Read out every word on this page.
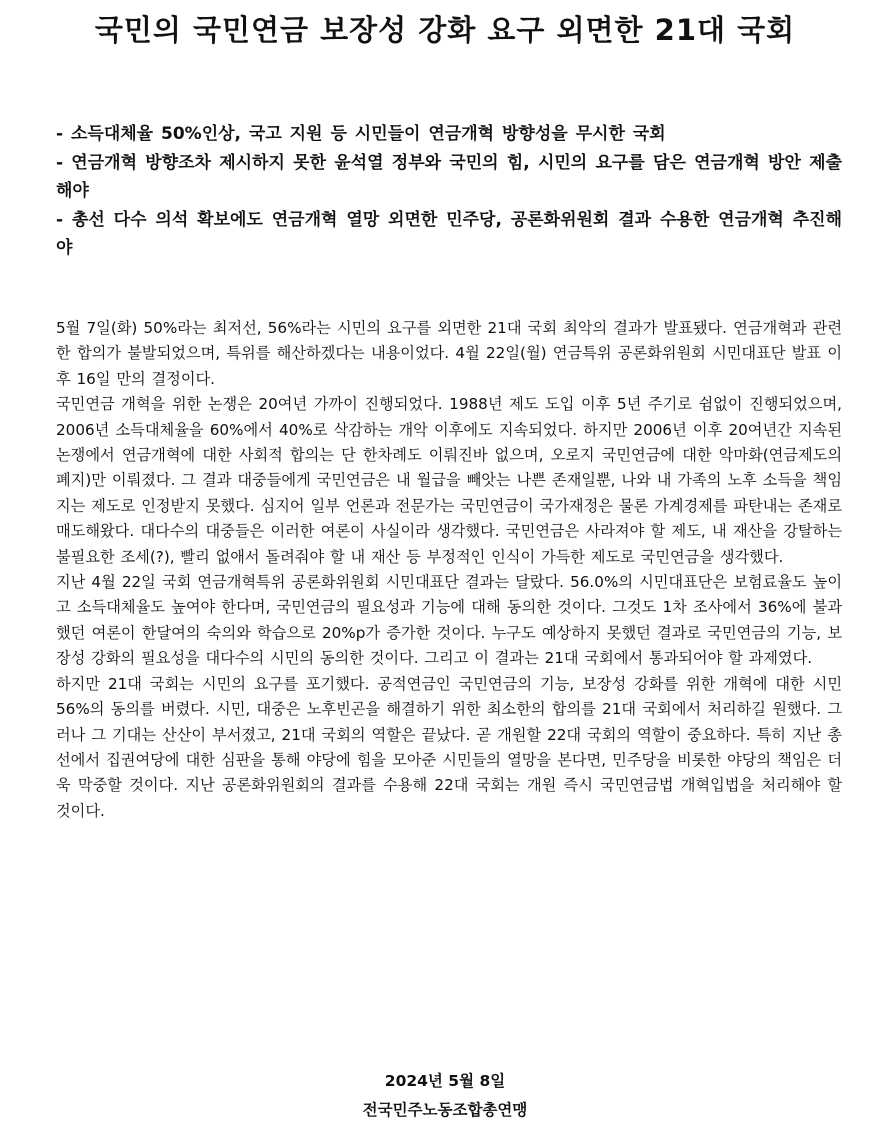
국민의 국민연금 보장성 강화 요구 외면한 21대 국회

- 소득대체율 50%인상, 국고 지원 등 시민들이 연금개혁 방향성을 무시한 국회

- 연금개혁 방향조차 제시하지 못한 윤석열 정부와 국민의 힘, 시민의 요구를 담은 연금개혁 방안 제출해야

- 총선 다수 의석 확보에도 연금개혁 열망 외면한 민주당, 공론화위원회 결과 수용한 연금개혁 추진해야

5월 7일(화) 50%라는 최저선, 56%라는 시민의 요구를 외면한 21대 국회 최악의 결과가 발표됐다. 연금개혁과 관련한 합의가 불발되었으며, 특위를 해산하겠다는 내용이었다. 4월 22일(월) 연금특위 공론화위원회 시민대표단 발표 이후 16일 만의 결정이다.

국민연금 개혁을 위한 논쟁은 20여년 가까이 진행되었다. 1988년 제도 도입 이후 5년 주기로 쉼없이 진행되었으며, 2006년 소득대체율을 60%에서 40%로 삭감하는 개악 이후에도 지속되었다. 하지만 2006년 이후 20여년간 지속된 논쟁에서 연금개혁에 대한 사회적 합의는 단 한차례도 이뤄진바 없으며, 오로지 국민연금에 대한 악마화(연금제도의 폐지)만 이뤄졌다. 그 결과 대중들에게 국민연금은 내 월급을 빼앗는 나쁜 존재일뿐, 나와 내 가족의 노후 소득을 책임지는 제도로 인정받지 못했다. 심지어 일부 언론과 전문가는 국민연금이 국가재정은 물론 가계경제를 파탄내는 존재로 매도해왔다. 대다수의 대중들은 이러한 여론이 사실이라 생각했다. 국민연금은 사라져야 할 제도, 내 재산을 강탈하는 불필요한 조세(?), 빨리 없애서 돌려줘야 할 내 재산 등 부정적인 인식이 가득한 제도로 국민연금을 생각했다.

지난 4월 22일 국회 연금개혁특위 공론화위원회 시민대표단 결과는 달랐다. 56.0%의 시민대표단은 보험료율도 높이고 소득대체율도 높여야 한다며, 국민연금의 필요성과 기능에 대해 동의한 것이다. 그것도 1차 조사에서 36%에 불과했던 여론이 한달여의 숙의와 학습으로 20%p가 증가한 것이다. 누구도 예상하지 못했던 결과로 국민연금의 기능, 보장성 강화의 필요성을 대다수의 시민의 동의한 것이다. 그리고 이 결과는 21대 국회에서 통과되어야 할 과제였다.

하지만 21대 국회는 시민의 요구를 포기했다. 공적연금인 국민연금의 기능, 보장성 강화를 위한 개혁에 대한 시민 56%의 동의를 버렸다. 시민, 대중은 노후빈곤을 해결하기 위한 최소한의 합의를 21대 국회에서 처리하길 원했다. 그러나 그 기대는 산산이 부서졌고, 21대 국회의 역할은 끝났다. 곧 개원할 22대 국회의 역할이 중요하다. 특히 지난 총선에서 집권여당에 대한 심판을 통해 야당에 힘을 모아준 시민들의 열망을 본다면, 민주당을 비롯한 야당의 책임은 더욱 막중할 것이다. 지난 공론화위원회의 결과를 수용해 22대 국회는 개원 즉시 국민연금법 개혁입법을 처리해야 할 것이다.

2024년 5월 8일
전국민주노동조합총연맹
